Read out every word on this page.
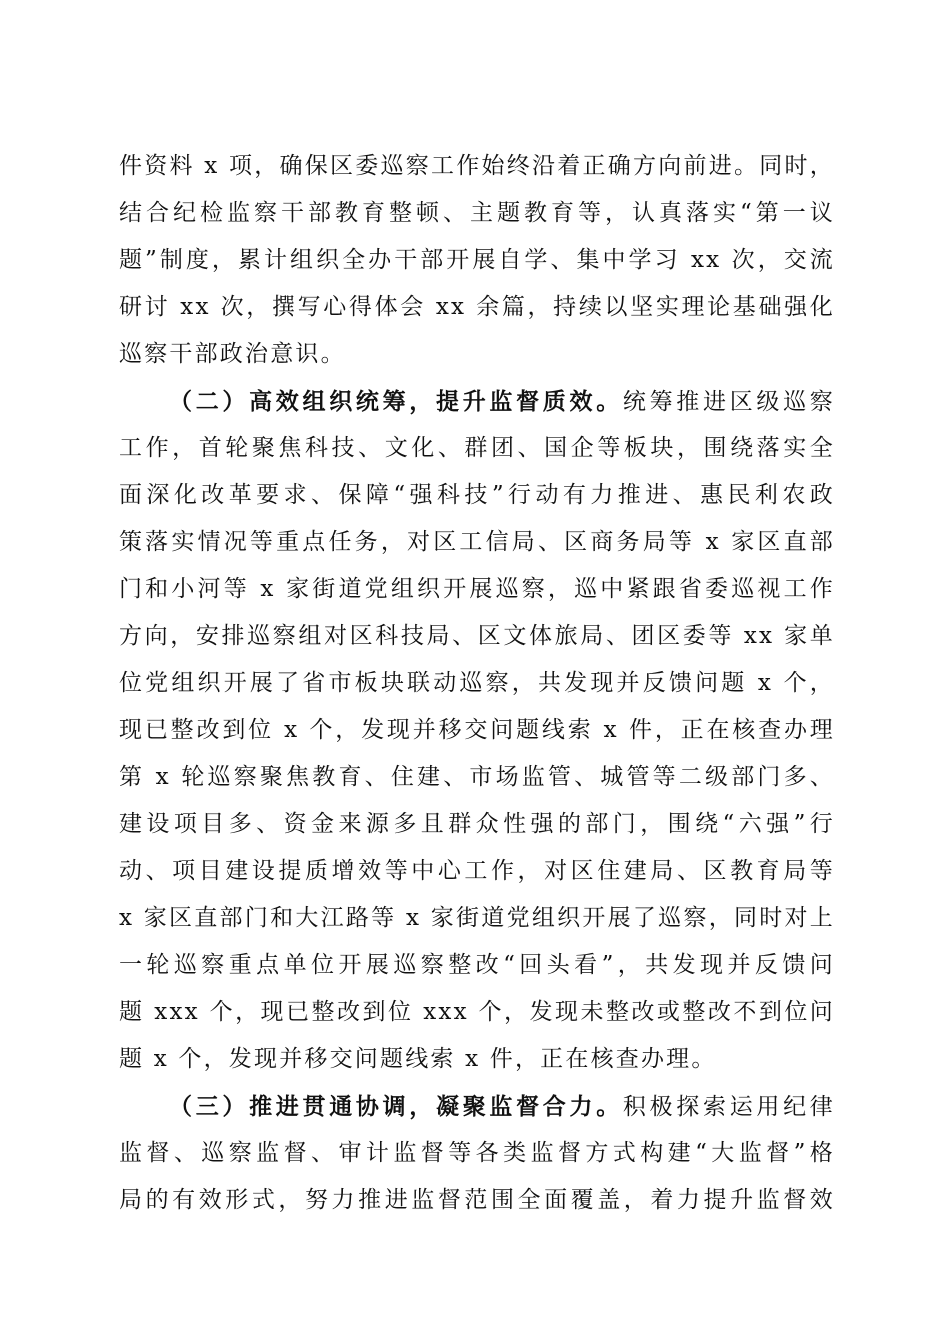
件资料 x 项，确保区委巡察工作始终沿着正确方向前进。同时，
结合纪检监察干部教育整顿、主题教育等，认真落实“第一议
题”制度，累计组织全办干部开展自学、集中学习 xx 次，交流
研讨 xx 次，撰写心得体会 xx 余篇，持续以坚实理论基础强化
巡察干部政治意识。
（二）高效组织统筹，提升监督质效。统筹推进区级巡察
工作，首轮聚焦科技、文化、群团、国企等板块，围绕落实全
面深化改革要求、保障“强科技”行动有力推进、惠民利农政
策落实情况等重点任务，对区工信局、区商务局等 x 家区直部
门和小河等 x 家街道党组织开展巡察，巡中紧跟省委巡视工作
方向，安排巡察组对区科技局、区文体旅局、团区委等 xx 家单
位党组织开展了省市板块联动巡察，共发现并反馈问题 x 个，
现已整改到位 x 个，发现并移交问题线索 x 件，正在核查办理
第 x 轮巡察聚焦教育、住建、市场监管、城管等二级部门多、
建设项目多、资金来源多且群众性强的部门，围绕“六强”行
动、项目建设提质增效等中心工作，对区住建局、区教育局等
x 家区直部门和大江路等 x 家街道党组织开展了巡察，同时对上
一轮巡察重点单位开展巡察整改“回头看”，共发现并反馈问
题 xxx 个，现已整改到位 xxx 个，发现未整改或整改不到位问
题 x 个，发现并移交问题线索 x 件，正在核查办理。
（三）推进贯通协调，凝聚监督合力。积极探索运用纪律
监督、巡察监督、审计监督等各类监督方式构建“大监督”格
局的有效形式，努力推进监督范围全面覆盖，着力提升监督效
